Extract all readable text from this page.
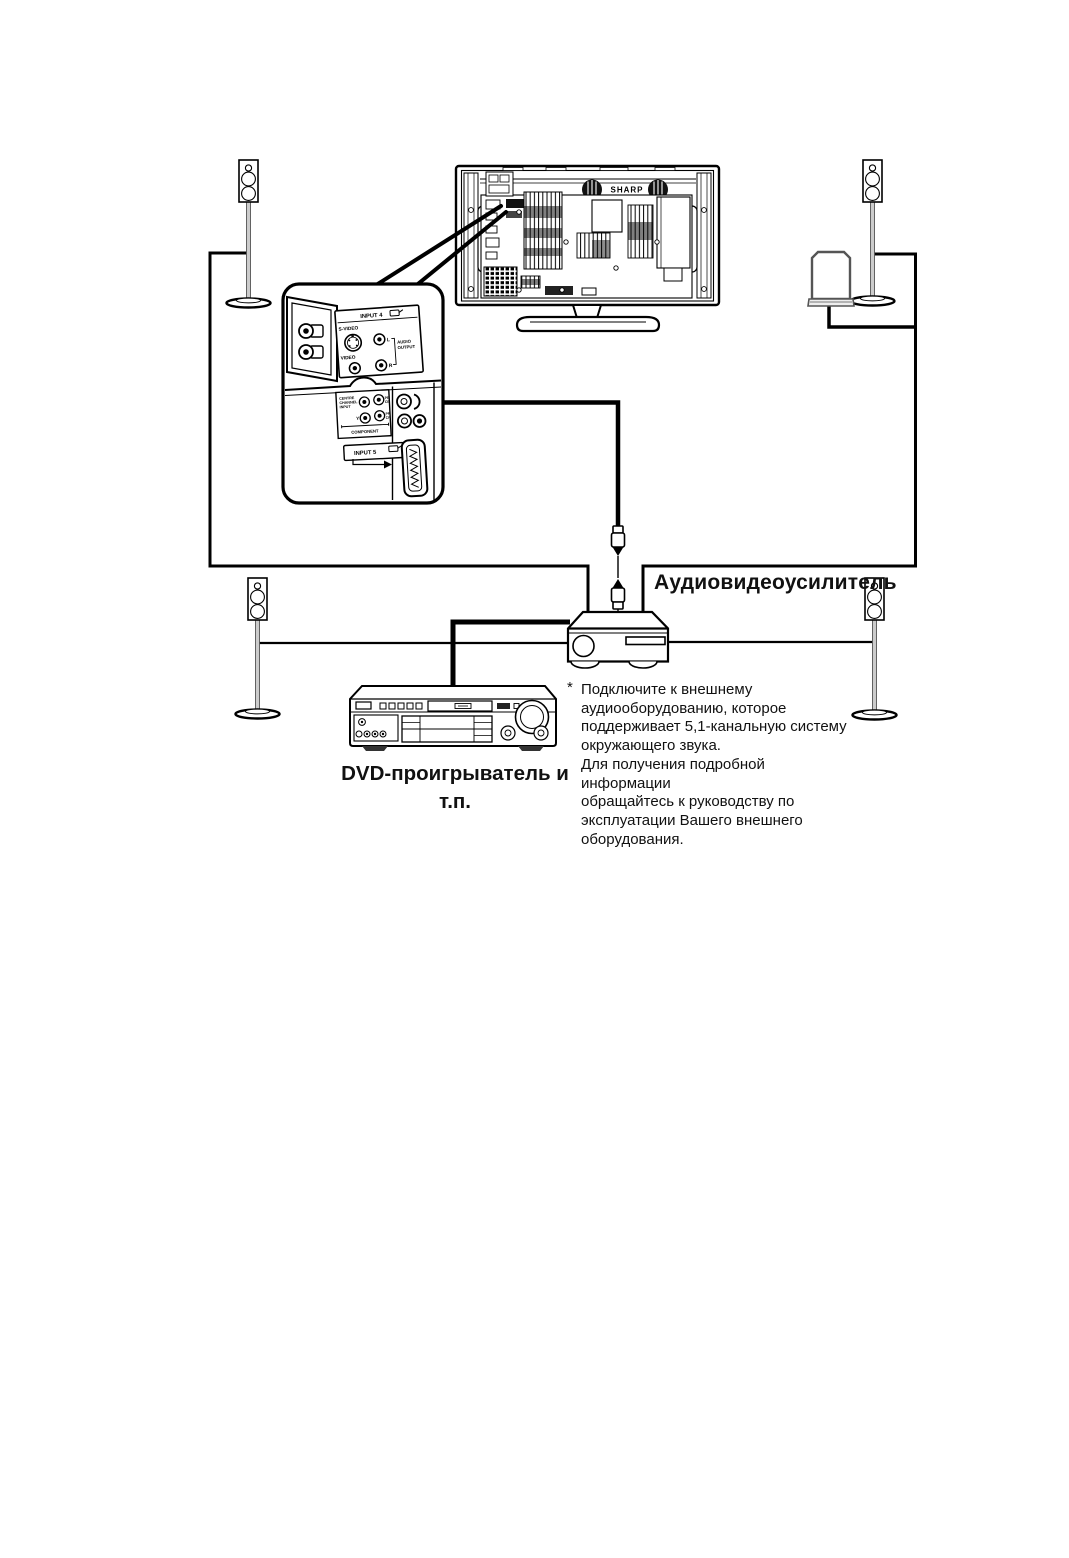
SHARP
INPUT 4
S-VIDEO
VIDEO
L
R
AUDIO
OUTPUT
CENTRE
CHANNEL
INPUT
PB
CB
Y
PR
CR
COMPONENT
INPUT 5
Аудиовидеоусилитель
DVD-проигрыватель и
т.п.
* Подключите к внешнему
аудиооборудованию, которое
поддерживает 5,1-канальную систему
окружающего звука.
Для получения подробной информации
обращайтесь к руководству по
эксплуатации Вашего внешнего
оборудования.
